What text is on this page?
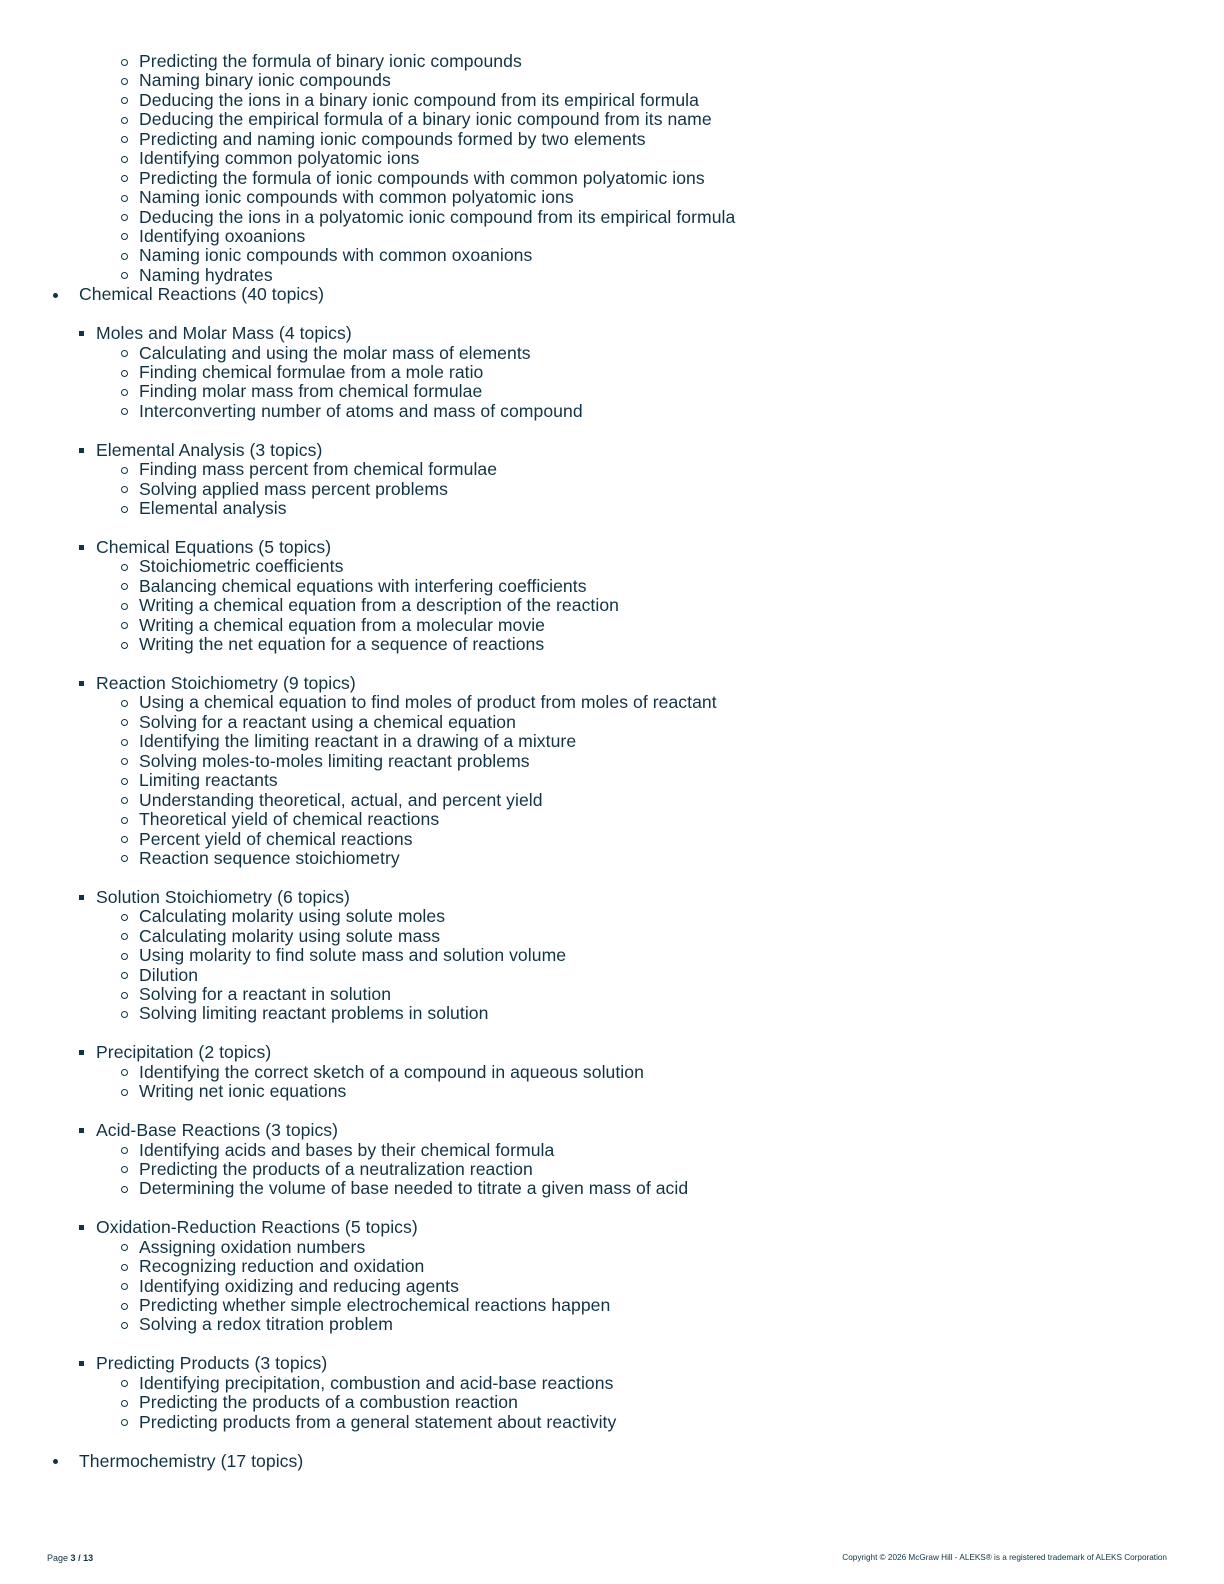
Predicting the formula of binary ionic compounds
Naming binary ionic compounds
Deducing the ions in a binary ionic compound from its empirical formula
Deducing the empirical formula of a binary ionic compound from its name
Predicting and naming ionic compounds formed by two elements
Identifying common polyatomic ions
Predicting the formula of ionic compounds with common polyatomic ions
Naming ionic compounds with common polyatomic ions
Deducing the ions in a polyatomic ionic compound from its empirical formula
Identifying oxoanions
Naming ionic compounds with common oxoanions
Naming hydrates
Chemical Reactions (40 topics)
Moles and Molar Mass (4 topics)
Calculating and using the molar mass of elements
Finding chemical formulae from a mole ratio
Finding molar mass from chemical formulae
Interconverting number of atoms and mass of compound
Elemental Analysis (3 topics)
Finding mass percent from chemical formulae
Solving applied mass percent problems
Elemental analysis
Chemical Equations (5 topics)
Stoichiometric coefficients
Balancing chemical equations with interfering coefficients
Writing a chemical equation from a description of the reaction
Writing a chemical equation from a molecular movie
Writing the net equation for a sequence of reactions
Reaction Stoichiometry (9 topics)
Using a chemical equation to find moles of product from moles of reactant
Solving for a reactant using a chemical equation
Identifying the limiting reactant in a drawing of a mixture
Solving moles-to-moles limiting reactant problems
Limiting reactants
Understanding theoretical, actual, and percent yield
Theoretical yield of chemical reactions
Percent yield of chemical reactions
Reaction sequence stoichiometry
Solution Stoichiometry (6 topics)
Calculating molarity using solute moles
Calculating molarity using solute mass
Using molarity to find solute mass and solution volume
Dilution
Solving for a reactant in solution
Solving limiting reactant problems in solution
Precipitation (2 topics)
Identifying the correct sketch of a compound in aqueous solution
Writing net ionic equations
Acid-Base Reactions (3 topics)
Identifying acids and bases by their chemical formula
Predicting the products of a neutralization reaction
Determining the volume of base needed to titrate a given mass of acid
Oxidation-Reduction Reactions (5 topics)
Assigning oxidation numbers
Recognizing reduction and oxidation
Identifying oxidizing and reducing agents
Predicting whether simple electrochemical reactions happen
Solving a redox titration problem
Predicting Products (3 topics)
Identifying precipitation, combustion and acid-base reactions
Predicting the products of a combustion reaction
Predicting products from a general statement about reactivity
Thermochemistry (17 topics)
Page 3 / 13	Copyright © 2026 McGraw Hill - ALEKS® is a registered trademark of ALEKS Corporation
